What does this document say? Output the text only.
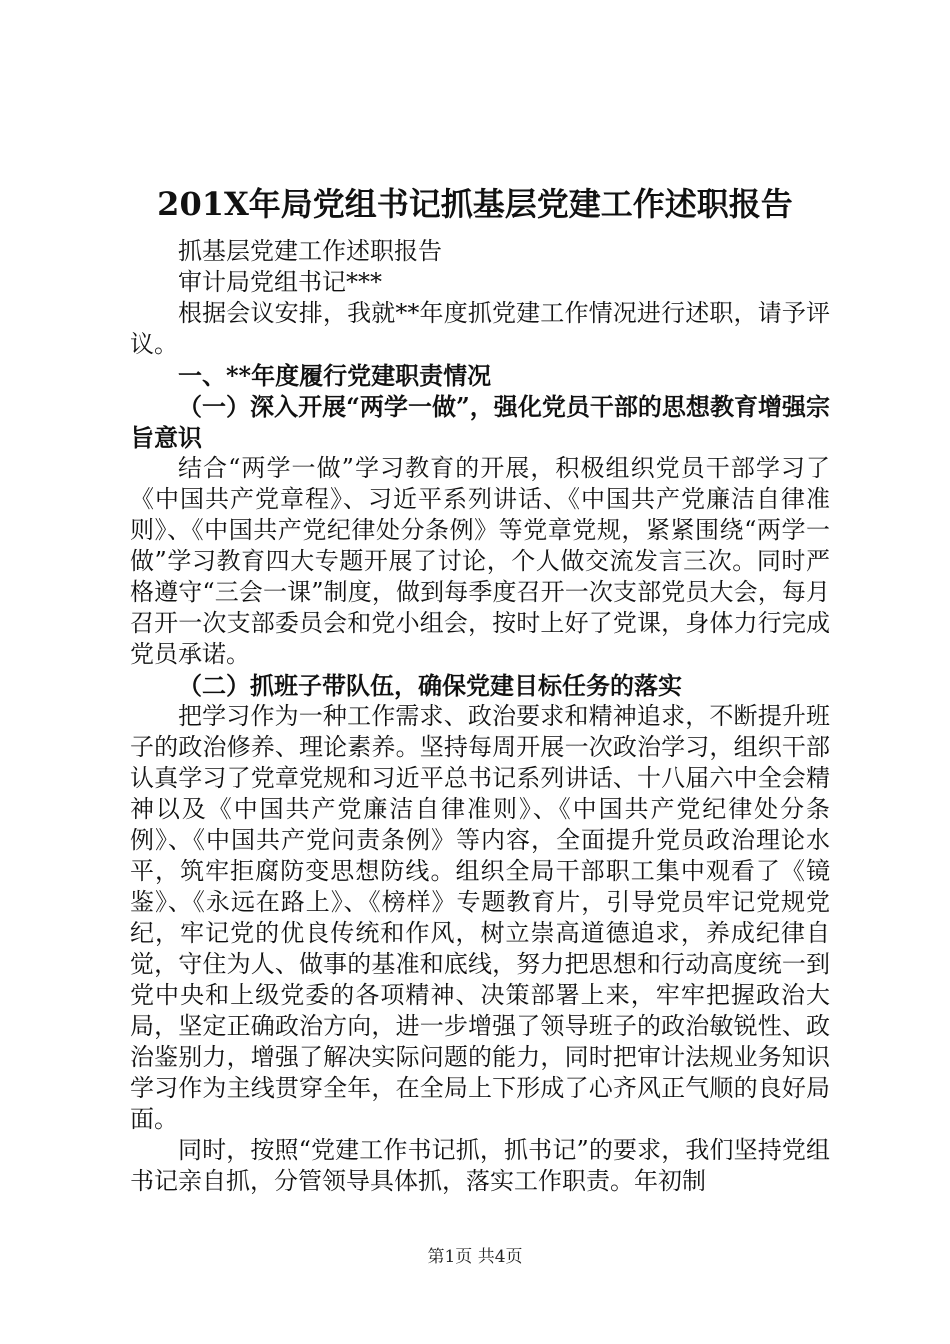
201X年局党组书记抓基层党建工作述职报告

抓基层党建工作述职报告

审计局党组书记***

根据会议安排，我就**年度抓党建工作情况进行述职，请予评议。

一、**年度履行党建职责情况

（一）深入开展“两学一做”，强化党员干部的思想教育增强宗旨意识

结合“两学一做”学习教育的开展，积极组织党员干部学习了《中国共产党章程》、习近平系列讲话、《中国共产党廉洁自律准则》、《中国共产党纪律处分条例》等党章党规，紧紧围绕“两学一做”学习教育四大专题开展了讨论，个人做交流发言三次。同时严格遵守“三会一课”制度，做到每季度召开一次支部党员大会，每月召开一次支部委员会和党小组会，按时上好了党课，身体力行完成党员承诺。

（二）抓班子带队伍，确保党建目标任务的落实

把学习作为一种工作需求、政治要求和精神追求，不断提升班子的政治修养、理论素养。坚持每周开展一次政治学习，组织干部认真学习了党章党规和习近平总书记系列讲话、十八届六中全会精神以及《中国共产党廉洁自律准则》、《中国共产党纪律处分条例》、《中国共产党问责条例》等内容，全面提升党员政治理论水平，筑牢拒腐防变思想防线。组织全局干部职工集中观看了《镜鉴》、《永远在路上》、《榜样》专题教育片，引导党员牢记党规党纪，牢记党的优良传统和作风，树立崇高道德追求，养成纪律自觉，守住为人、做事的基准和底线，努力把思想和行动高度统一到党中央和上级党委的各项精神、决策部署上来，牢牢把握政治大局，坚定正确政治方向，进一步增强了领导班子的政治敏锐性、政治鉴别力，增强了解决实际问题的能力，同时把审计法规业务知识学习作为主线贯穿全年，在全局上下形成了心齐风正气顺的良好局面。

同时，按照“党建工作书记抓，抓书记”的要求，我们坚持党组书记亲自抓，分管领导具体抓，落实工作职责。年初制

第1页 共4页
